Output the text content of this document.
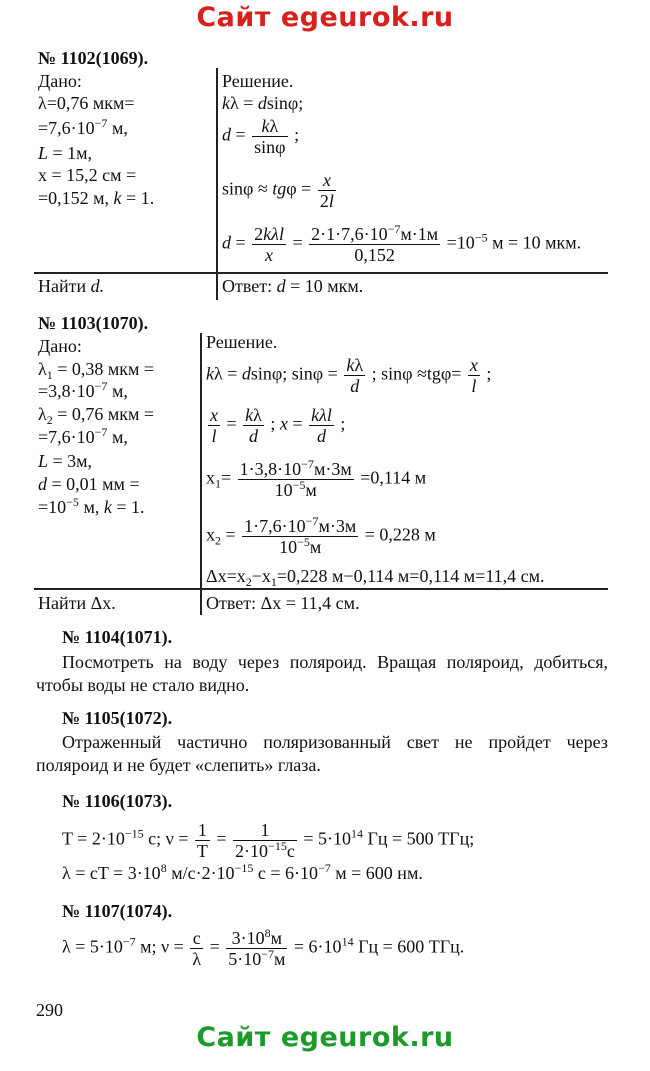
Сайт egeurok.ru
№ 1102(1069).
Дано:
λ=0,76 мкм=
$=7,6\cdot 10^{-7}$ м,
L = 1м,
x = 15,2 см =
=0,152 м, k = 1.
Решение.
kλ = dsinφ;
$d = \frac{k\lambda}{\sin\varphi}$ ;
$\sin\varphi \approx tg\varphi = \frac{x}{2l}$
$d = \frac{\text{2kλl}}{x} = \frac{2\cdot 1\cdot 7,6\cdot 10^{-7}м\cdot 1м}{0,152} =10^{-5}$ м = 10 мкм.
Найти d.	Ответ: d = 10 мкм.
№ 1103(1070).
Дано:
$\lambda_1 = 0,38$ мкм =
$=3,8\cdot 10^{-7}$ м,
$\lambda_2 = 0,76$ мкм =
$=7,6\cdot 10^{-7}$ м,
L = 3м,
d = 0,01 мм =
$=10^{-5}$ м, k = 1.
Решение.
kλ = dsinφ; $\sin\varphi = \frac{k\lambda}{d}$ ; $\sin\varphi \approx tg\varphi= \frac{x}{l}$ ;
$\frac{x}{l} = \frac{k\lambda}{d}$ ; $x = \frac{\text{kλl}}{d}$ ;
$x_1= \frac{1\cdot 3,8\cdot 10^{-7}м\cdot 3м}{10^{-5}м} =0,114$ м
$x_2 = \frac{1\cdot 7,6\cdot 10^{-7}м\cdot 3м}{10^{-5}м} = 0,228$ м
$\Delta x=x_2-x_1=0,228$ м−0,114 м=0,114 м=11,4 см.
Найти Δx.	Ответ: Δx = 11,4 см.
№ 1104(1071).
Посмотреть на воду через поляроид. Вращая поляроид, добиться, чтобы воды не стало видно.
№ 1105(1072).
Отраженный частично поляризованный свет не пройдет через поляроид и не будет «слепить» глаза.
№ 1106(1073).
$T = 2\cdot 10^{-15}$ с; $\nu = \frac{1}{T} = \frac{1}{2\cdot 10^{-15}с} = 5\cdot 10^{14}$ Гц = 500 ТГц;
λ = cT = $3\cdot 10^8$ $м/с\cdot 2\cdot 10^{-15}$ $с = 6\cdot 10^{-7}$ м = 600 нм.
№ 1107(1074).
$\lambda = 5\cdot 10^{-7}$ м; $\nu = \frac{c}{\lambda} = \frac{3\cdot 10^8м}{5\cdot 10^{-7}м} = 6\cdot 10^{14}$ Гц = 600 ТГц.
290
Сайт egeurok.ru
